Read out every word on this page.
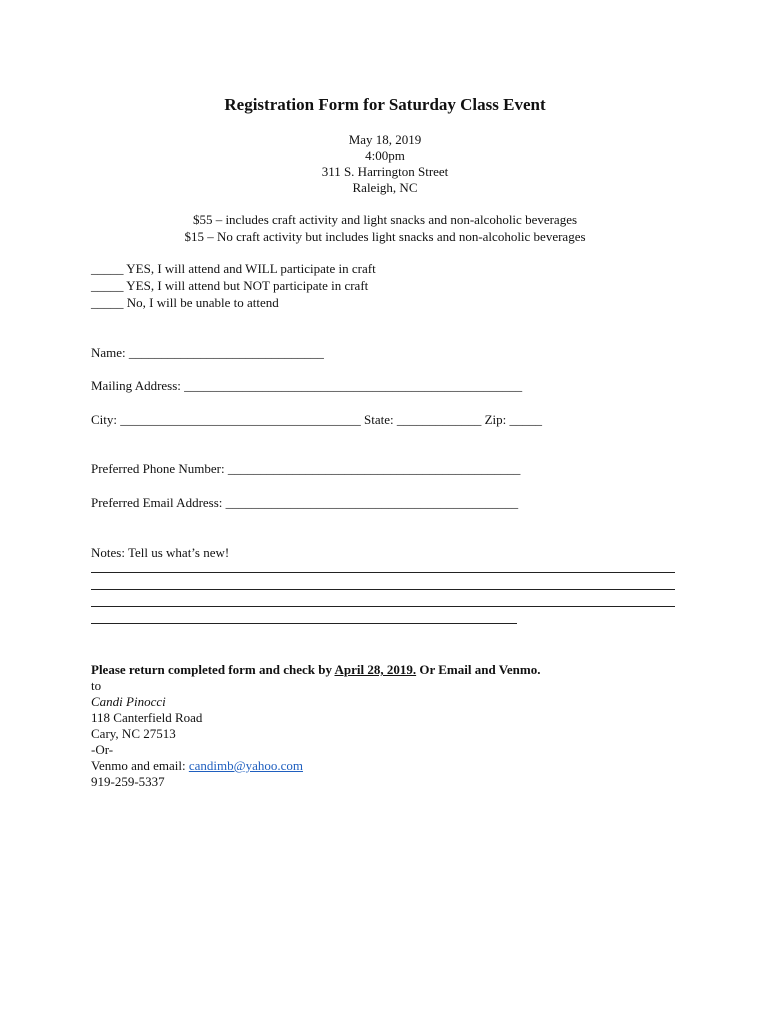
Registration Form for Saturday Class Event
May 18, 2019
4:00pm
311 S. Harrington Street
Raleigh, NC
$55 – includes craft activity and light snacks and non-alcoholic beverages
$15 – No craft activity but includes light snacks and non-alcoholic beverages
_____ YES, I will attend and WILL participate in craft
_____ YES, I will attend but NOT participate in craft
_____ No, I will be unable to attend
Name: ______________________________
Mailing Address: ____________________________________________________
City: _____________________________________ State: _____________ Zip: _____
Preferred Phone Number: _____________________________________________
Preferred Email Address: _____________________________________________
Notes: Tell us what’s new!
Please return completed form and check by April 28, 2019. Or Email and Venmo.
to
Candi Pinocci
118 Canterfield Road
Cary, NC 27513
-Or-
Venmo and email: candimb@yahoo.com
919-259-5337
